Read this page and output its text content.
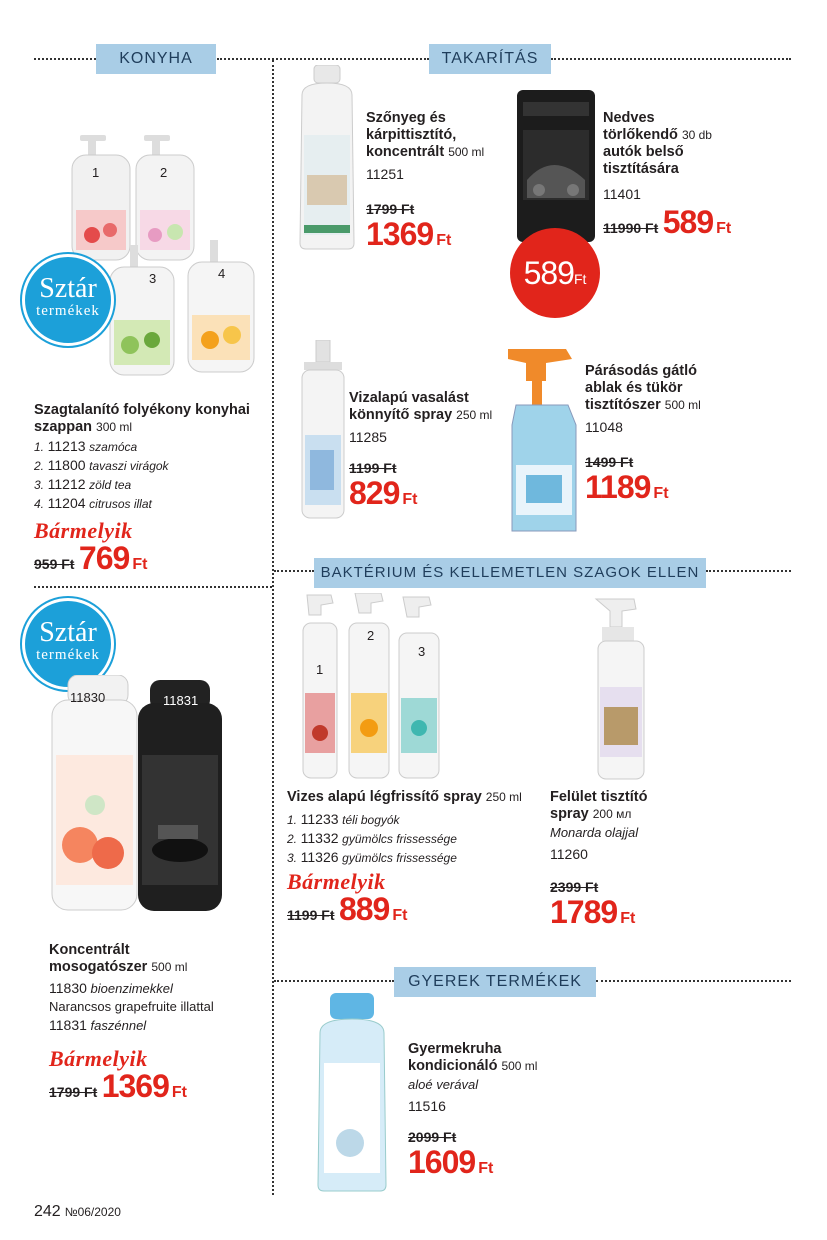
KONYHA	TAKARÍTÁS
BAKTÉRIUM ÉS KELLEMETLEN SZAGOK ELLEN
GYEREK TERMÉKEK
1	2
3	4
Sztár
termékek
Szagtalanító folyékony konyhai szappan 300 ml
1. 11213 szamóca
2. 11800 tavaszi virágok
3. 11212 zöld tea
4. 11204 citrusos illat
Bármelyik
959 Ft 769 Ft
Sztár
termékek
11830	11831
Koncentrált
mosogatószer 500 ml
11830 bioenzimekkel
Narancsos grapefruite illattal
11831 faszénnel
Bármelyik
1799 Ft 1369 Ft
Szőnyeg és
kárpittisztító,
koncentrált 500 ml
11251
1799 Ft
1369 Ft
589Ft
Nedves
törlőkendő 30 db
autók belső
tisztítására
11401
11990 Ft 589 Ft
Vizalapú vasalást
könnyítő spray 250 ml
11285
1199 Ft
829 Ft
Párásodás gátló
ablak és tükör
tisztítószer 500 ml
11048
1499 Ft
1189 Ft
1
2
3
Vizes alapú légfrissítő spray 250 ml
1. 11233 téli bogyók
2. 11332 gyümölcs frissessége
3. 11326 gyümölcs frissessége
Bármelyik
1199 Ft 889 Ft
Felület tisztító
spray 200 мл
Monarda olajjal
11260
2399 Ft
1789 Ft
Gyermekruha
kondicionáló 500 ml
aloé verával
11516
2099 Ft
1609 Ft
242 №06/2020
